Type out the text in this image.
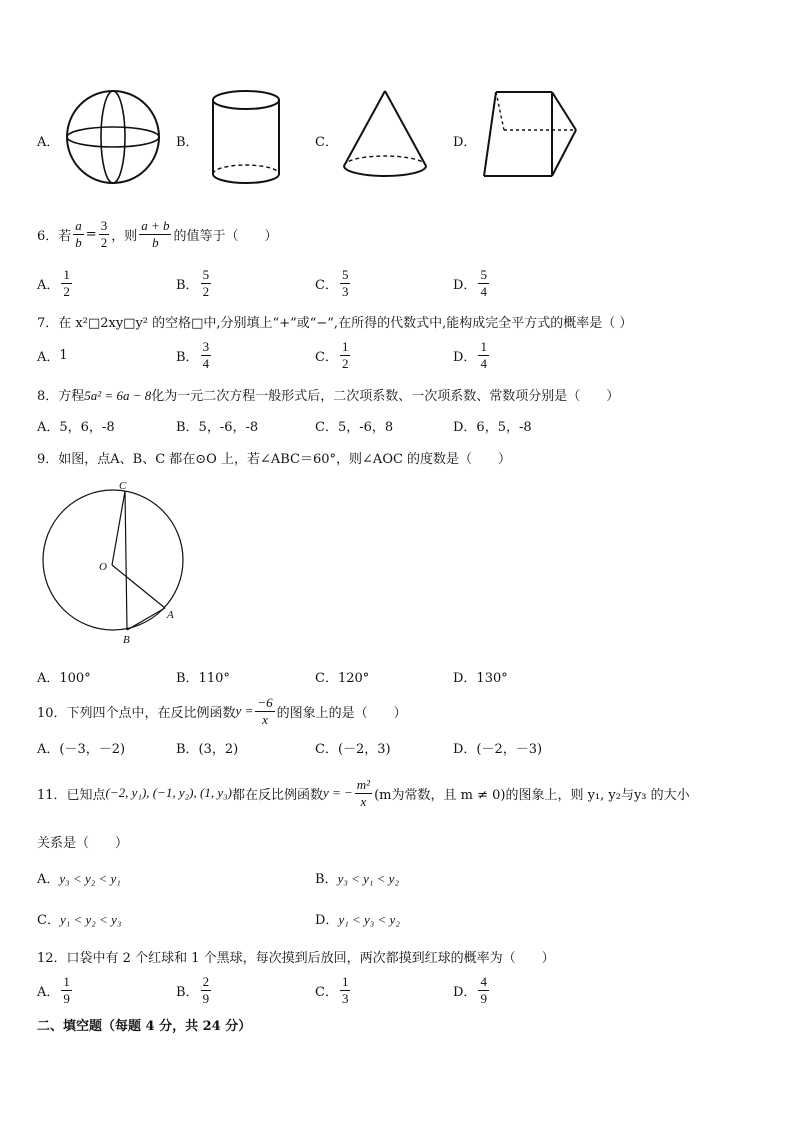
A．	B．	C．	D．
6．若 $\frac{a}{b} = \frac{3}{2}$ ，则 $\frac{a + b}{b}$ 的值等于（　　）
A． $\frac{1}{2}$	B． $\frac{5}{2}$	C． $\frac{5}{3}$	D． $\frac{5}{4}$
7．在 x²□2xy□y² 的空格□中,分别填上“+”或“−”,在所得的代数式中,能构成完全平方式的概率是（ ）
A． 1	B． $\frac{3}{4}$	C． $\frac{1}{2}$	D． $\frac{1}{4}$
8．方程5a² = 6a − 8化为一元二次方程一般形式后，二次项系数、一次项系数、常数项分别是（　　）
A．5，6，-8	B．5，-6，-8	C．5，-6，8	D．6，5，-8
9．如图，点A、B、C 都在⊙O 上，若∠ABC＝60°，则∠AOC 的度数是（　　）
C
O
A
B
A．100°	B．110°	C．120°	D．130°
10．下列四个点中，在反比例函数 $y = \frac{-6}{x}$ 的图象上的是（　　）
A．(－3，－2)	B．(3，2)	C．(－2，3)	D．(－2，－3)
11．已知点 (−2, y₁), (−1, y₂), (1, y₃) 都在反比例函数 y = − $\frac{\text{m²}}{x} (m$为常数，且 m ≠ 0) 的图象上，则 y₁, y₂与y₃ 的大小
关系是（　　）
A．y₃ < y₂ < y₁	B．y₃ < y₁ < y₂
C．y₁ < y₂ < y₃	D．y₁ < y₃ < y₂
12．口袋中有 2 个红球和 1 个黑球，每次摸到后放回，两次都摸到红球的概率为（　　）
A． $\frac{1}{9}$	B． $\frac{2}{9}$	C． $\frac{1}{3}$	D． $\frac{4}{9}$
二、填空题（每题 4 分，共 24 分）
